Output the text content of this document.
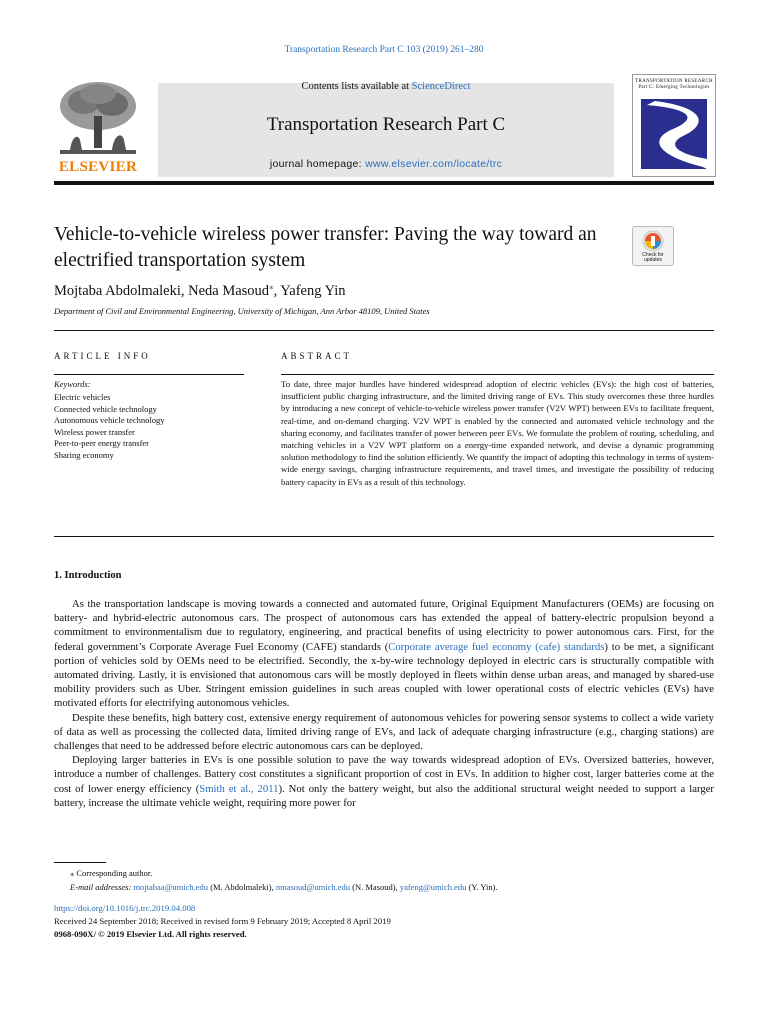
Transportation Research Part C 103 (2019) 261–280
ELSEVIER
Contents lists available at ScienceDirect
Transportation Research Part C
journal homepage: www.elsevier.com/locate/trc
TRANSPORTATION RESEARCH
Part C: Emerging Technologies
Vehicle-to-vehicle wireless power transfer: Paving the way toward an electrified transportation system	Check for updates
Mojtaba Abdolmaleki, Neda Masoud⁎, Yafeng Yin
Department of Civil and Environmental Engineering, University of Michigan, Ann Arbor 48109, United States
ARTICLE INFO
Keywords:
Electric vehicles
Connected vehicle technology
Autonomous vehicle technology
Wireless power transfer
Peer-to-peer energy transfer
Sharing economy
ABSTRACT
To date, three major hurdles have hindered widespread adoption of electric vehicles (EVs): the high cost of batteries, insufficient public charging infrastructure, and the limited driving range of EVs. This study overcomes these three hurdles by introducing a new concept of vehicle-to-vehicle wireless power transfer (V2V WPT) between EVs to facilitate frequent, real-time, and on-demand charging. V2V WPT is enabled by the connected and automated vehicle technology and the sharing economy, and facilitates transfer of power between peer EVs. We formulate the problem of routing, scheduling, and matching vehicles in a V2V WPT platform on a energy-time expanded network, and devise a dynamic programming solution methodology to find the solution efficiently. We quantify the impact of adopting this technology in terms of system-wide energy savings, charging infrastructure requirements, and travel times, and investigate the possibility of reducing battery capacity in EVs as a result of this technology.
1. Introduction

As the transportation landscape is moving towards a connected and automated future, Original Equipment Manufacturers (OEMs) are focusing on battery- and hybrid-electric autonomous cars. The prospect of autonomous cars has extended the appeal of battery-electric propulsion beyond a commitment to environmentalism due to regulatory, engineering, and practical benefits of using electricity to power autonomous cars. First, for the federal government’s Corporate Average Fuel Economy (CAFE) standards (Corporate average fuel economy (cafe) standards) to be met, a significant portion of vehicles sold by OEMs need to be electrified. Secondly, the x-by-wire technology deployed in electric cars is structurally compatible with automated driving. Lastly, it is envisioned that autonomous cars will be mostly deployed in fleets within dense urban areas, and managed by shared-use mobility providers such as Uber. Stringent emission guidelines in such areas coupled with lower operational costs of electric vehicles (EVs) have motivated efforts for electrifying autonomous vehicles.

Despite these benefits, high battery cost, extensive energy requirement of autonomous vehicles for powering sensor systems to collect a wide variety of data as well as processing the collected data, limited driving range of EVs, and lack of adequate charging infrastructure (e.g., charging stations) are challenges that need to be addressed before electric autonomous cars can be deployed.

Deploying larger batteries in EVs is one possible solution to pave the way towards widespread adoption of EVs. Oversized batteries, however, introduce a number of challenges. Battery cost constitutes a significant proportion of cost in EVs. In addition to higher cost, larger batteries come at the cost of lower energy efficiency (Smith et al., 2011). Not only the battery weight, but also the additional structural weight needed to support a larger battery, increase the ultimate vehicle weight, requiring more power for

⁎ Corresponding author.
E-mail addresses: mojtabaa@umich.edu (M. Abdolmaleki), nmasoud@umich.edu (N. Masoud), yafeng@umich.edu (Y. Yin).
https://doi.org/10.1016/j.trc.2019.04.008
Received 24 September 2018; Received in revised form 9 February 2019; Accepted 8 April 2019
0968-090X/ © 2019 Elsevier Ltd. All rights reserved.
